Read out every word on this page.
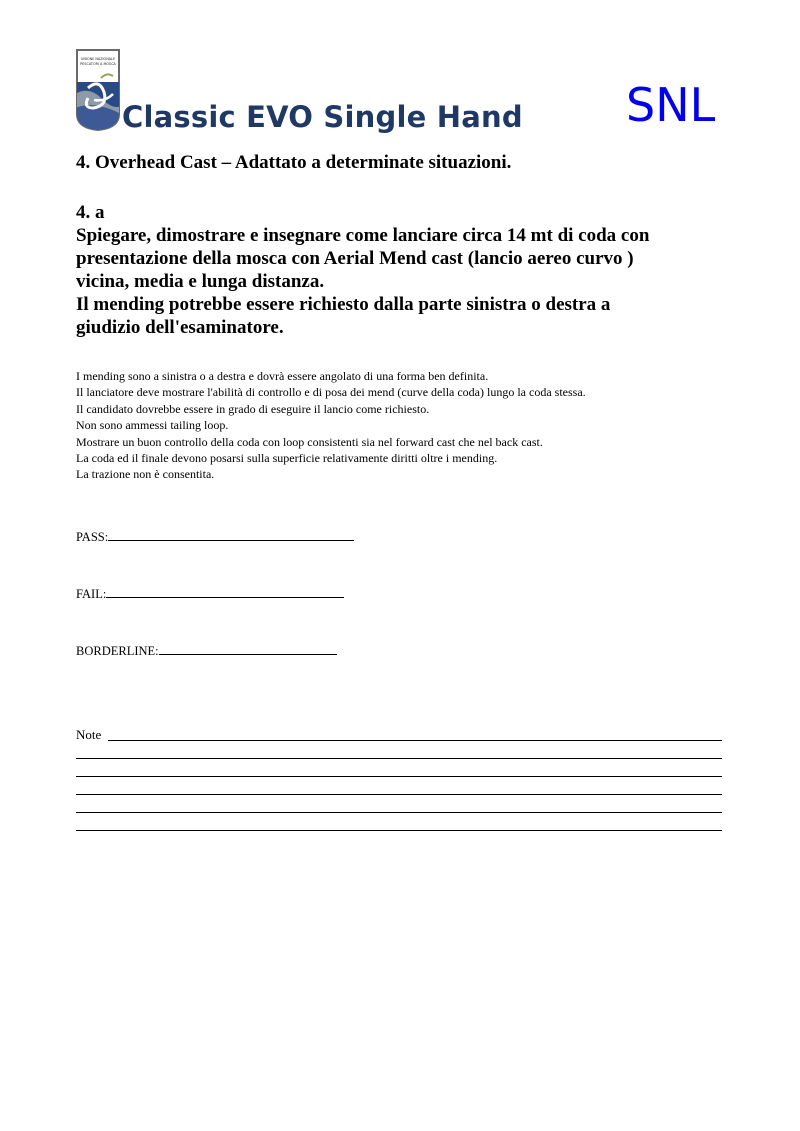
UNIONE NAZIONALE
PESCATORI A MOSCA
Classic EVO Single Hand SNL
4. Overhead Cast – Adattato a determinate situazioni.
4. a
Spiegare, dimostrare e insegnare come lanciare circa 14 mt di coda con
presentazione della mosca con Aerial Mend cast (lancio aereo curvo )
vicina, media e lunga distanza.
Il mending potrebbe essere richiesto dalla parte sinistra o destra a
giudizio dell'esaminatore.
I mending sono a sinistra o a destra e dovrà essere angolato di una forma ben definita.
Il lanciatore deve mostrare l'abilità di controllo e di posa dei mend (curve della coda) lungo la coda stessa.
Il candidato dovrebbe essere in grado di eseguire il lancio come richiesto.
Non sono ammessi tailing loop.
Mostrare un buon controllo della coda con loop consistenti sia nel forward cast che nel back cast.
La coda ed il finale devono posarsi sulla superficie relativamente diritti oltre i mending.
La trazione non è consentita.
PASS:
FAIL:
BORDERLINE:
Note
